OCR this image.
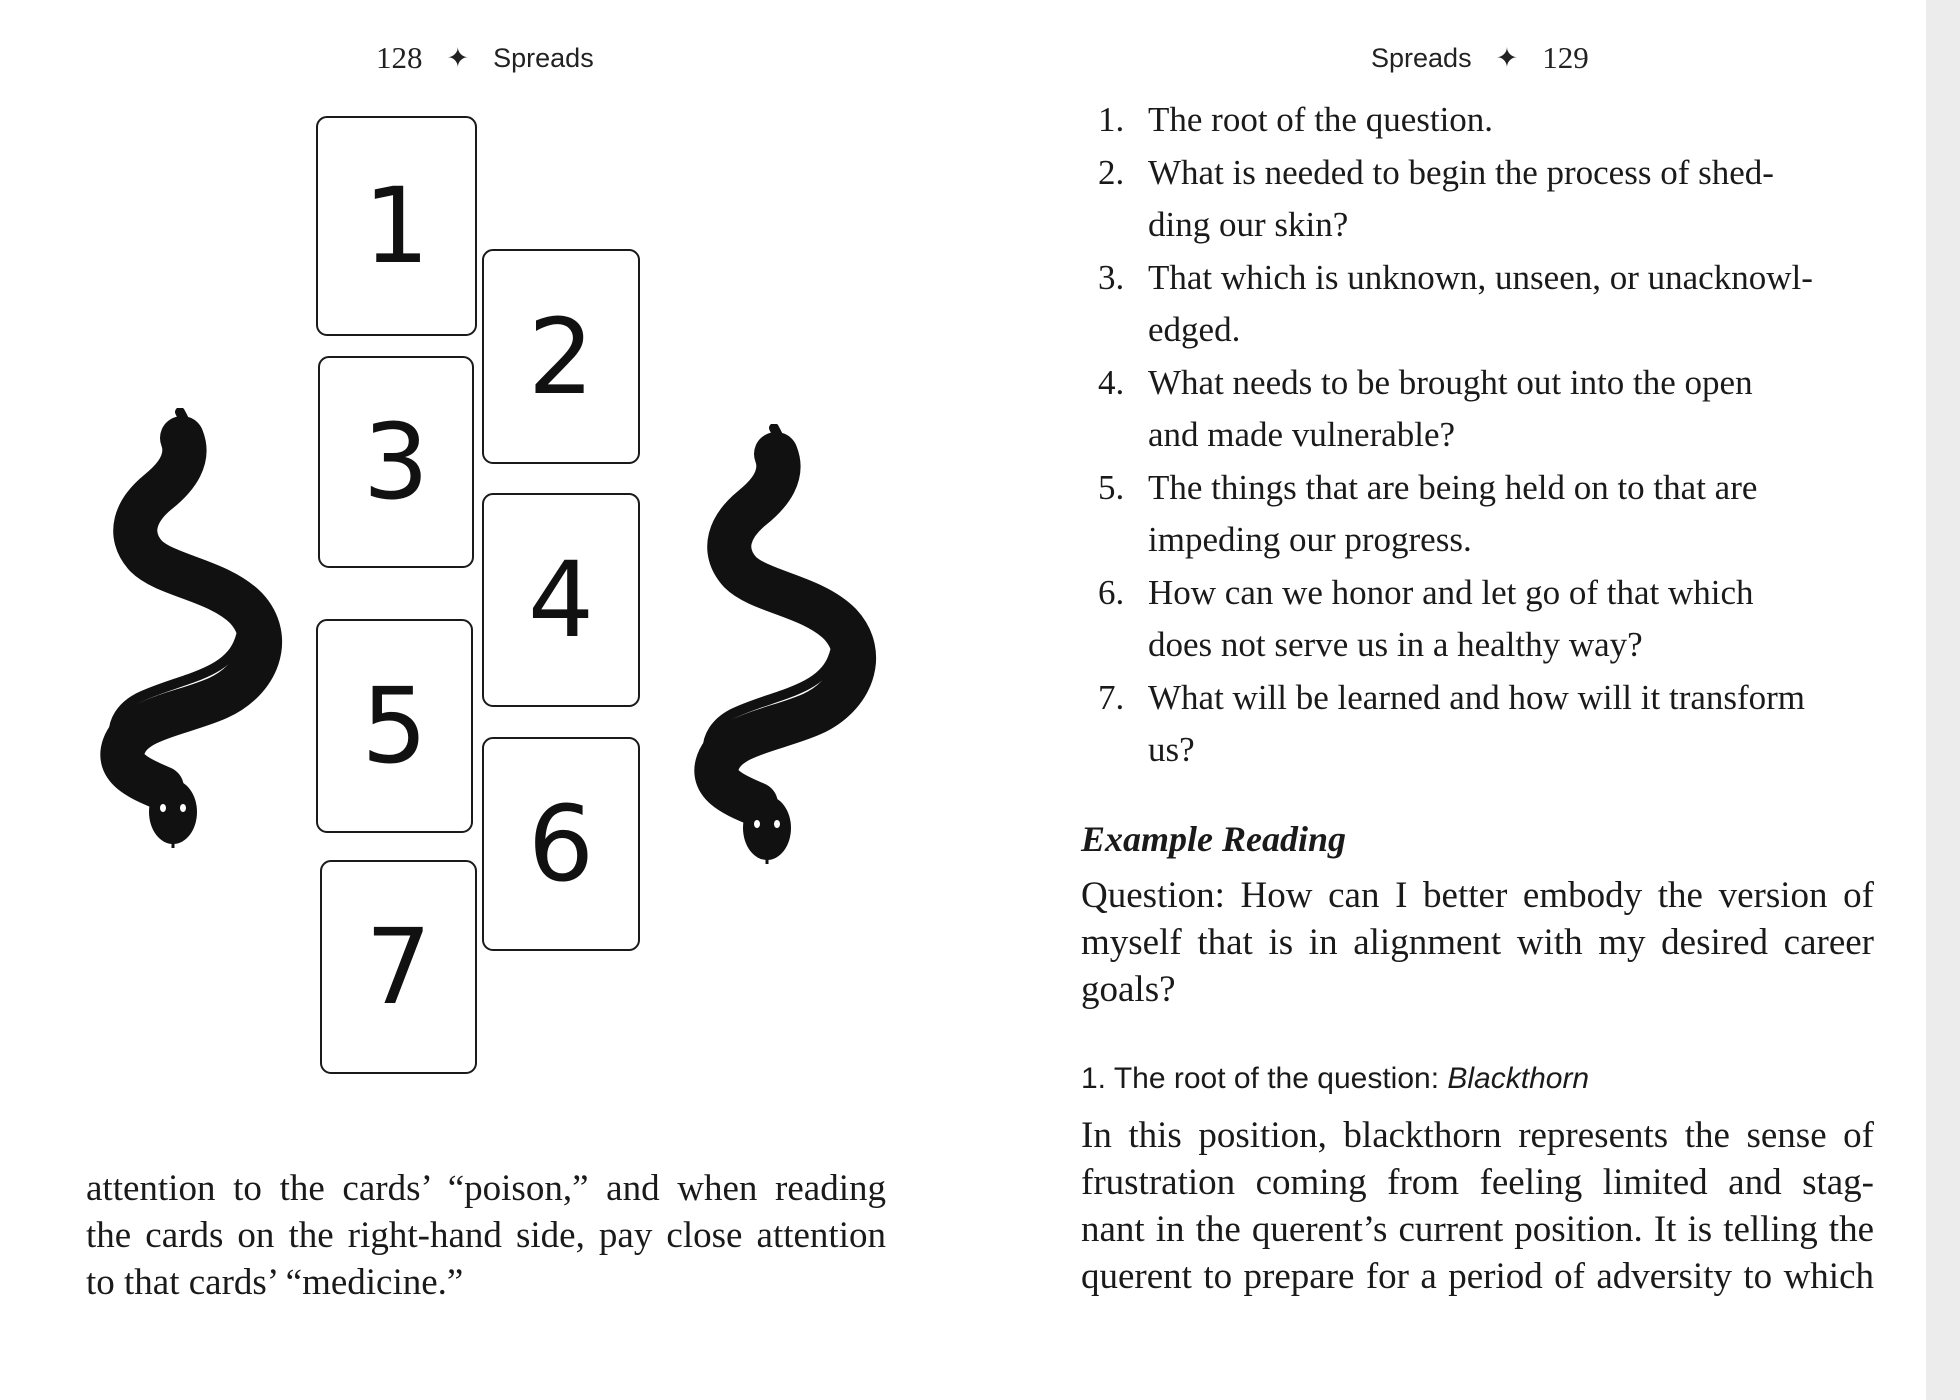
128 ✦ Spreads
1
2
3
4
5
6
7
attention to the cards’ “poison,” and when reading
the cards on the right-hand side, pay close attention
to that cards’ “medicine.”
Spreads ✦ 129
1. The root of the question.
2. What is needed to begin the process of shed-
ding our skin?
3. That which is unknown, unseen, or unacknowl-
edged.
4. What needs to be brought out into the open
and made vulnerable?
5. The things that are being held on to that are
impeding our progress.
6. How can we honor and let go of that which
does not serve us in a healthy way?
7. What will be learned and how will it transform
us?
Example Reading
Question: How can I better embody the version of
myself that is in alignment with my desired career
goals?
1. The root of the question: Blackthorn
In this position, blackthorn represents the sense of
frustration coming from feeling limited and stag-
nant in the querent’s current position. It is telling the
querent to prepare for a period of adversity to which
